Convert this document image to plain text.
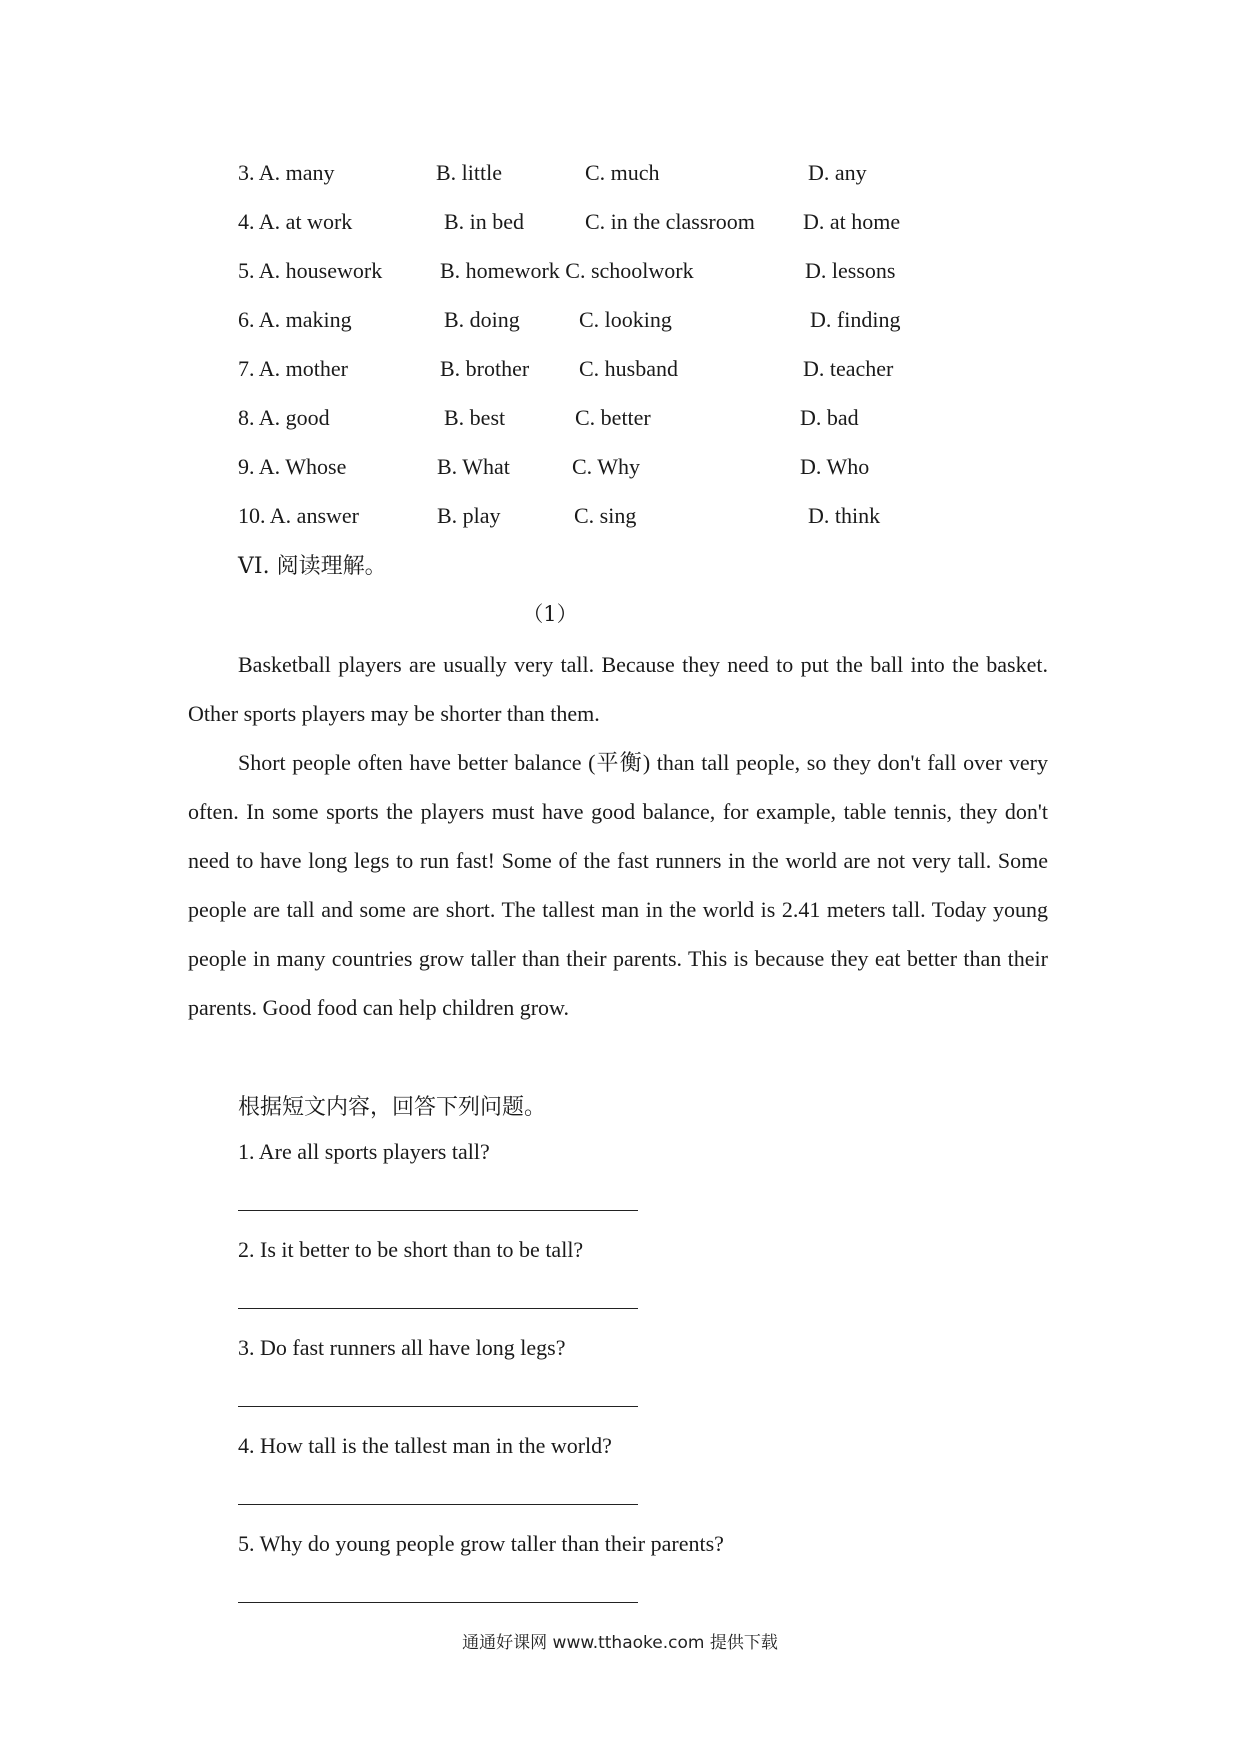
3. A. many	B. little	C. much	D. any
4. A. at work	B. in bed	C. in the classroom D. at home
5. A. housework	B. homework C. schoolwork	D. lessons
6. A. making	B. doing	C. looking	D. finding
7. A. mother	B. brother C. husband	D. teacher
8. A. good	B. best	C. better	D. bad
9. A. Whose	B. What	C. Why	D. Who
10. A. answer	B. play	C. sing	D. think
VI. 阅读理解。
（1）
Basketball players are usually very tall. Because they need to put the ball into the basket. Other sports players may be shorter than them.
Short people often have better balance (平衡) than tall people, so they don't fall over very often. In some sports the players must have good balance, for example, table tennis, they don't need to have long legs to run fast! Some of the fast runners in the world are not very tall. Some people are tall and some are short. The tallest man in the world is 2.41 meters tall. Today young people in many countries grow taller than their parents. This is because they eat better than their parents. Good food can help children grow.
根据短文内容，回答下列问题。
1. Are all sports players tall?
2. Is it better to be short than to be tall?
3. Do fast runners all have long legs?
4. How tall is the tallest man in the world?
5. Why do young people grow taller than their parents?
通通好课网 www.tthaoke.com 提供下载
